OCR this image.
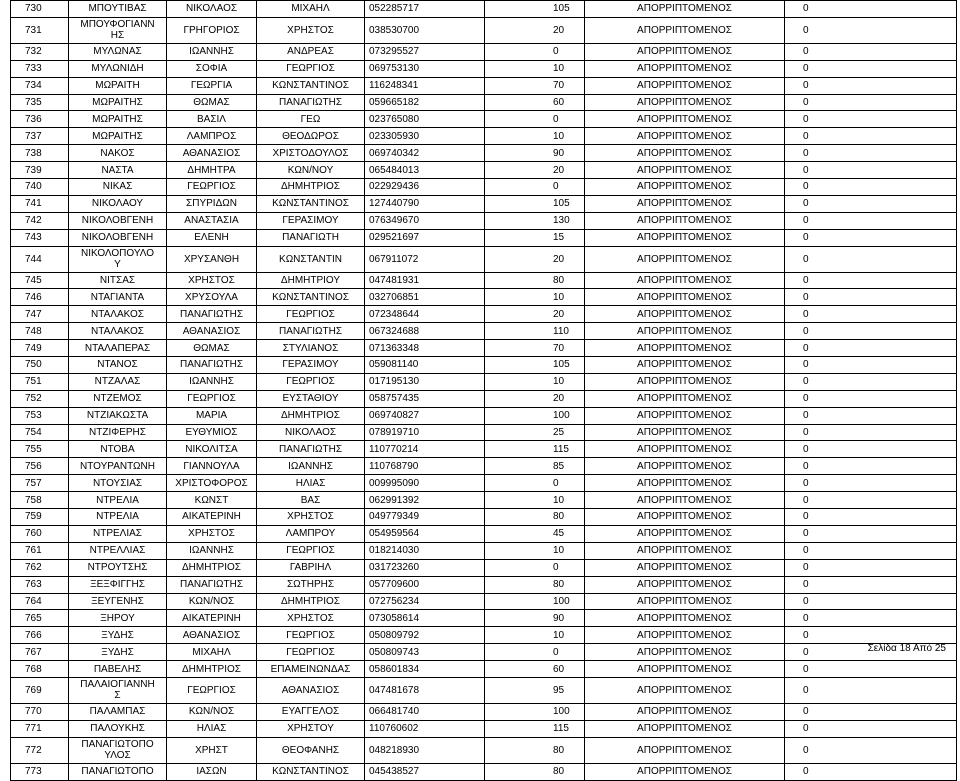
730	ΜΠΟΥΤΙΒΑΣ	ΝΙΚΟΛΑΟΣ	ΜΙΧΑΗΛ	052285717	105	ΑΠΟΡΡΙΠΤΟΜΕΝΟΣ	0
731	ΜΠΟΥΦΟΓΙΑΝΝ
ΗΣ	ΓΡΗΓΟΡΙΟΣ	ΧΡΗΣΤΟΣ	038530700	20	ΑΠΟΡΡΙΠΤΟΜΕΝΟΣ	0
732	ΜΥΛΩΝΑΣ	ΙΩΑΝΝΗΣ	ΑΝΔΡΕΑΣ	073295527	0	ΑΠΟΡΡΙΠΤΟΜΕΝΟΣ	0
733	ΜΥΛΩΝΙΔΗ	ΣΟΦΙΑ	ΓΕΩΡΓΙΟΣ	069753130	10	ΑΠΟΡΡΙΠΤΟΜΕΝΟΣ	0
734	ΜΩΡΑΙΤΗ	ΓΕΩΡΓΙΑ	ΚΩΝΣΤΑΝΤΙΝΟΣ	116248341	70	ΑΠΟΡΡΙΠΤΟΜΕΝΟΣ	0
735	ΜΩΡΑΙΤΗΣ	ΘΩΜΑΣ	ΠΑΝΑΓΙΩΤΗΣ	059665182	60	ΑΠΟΡΡΙΠΤΟΜΕΝΟΣ	0
736	ΜΩΡΑΙΤΗΣ	ΒΑΣΙΛ	ΓΕΩ	023765080	0	ΑΠΟΡΡΙΠΤΟΜΕΝΟΣ	0
737	ΜΩΡΑΙΤΗΣ	ΛΑΜΠΡΟΣ	ΘΕΟΔΩΡΟΣ	023305930	10	ΑΠΟΡΡΙΠΤΟΜΕΝΟΣ	0
738	ΝΑΚΟΣ	ΑΘΑΝΑΣΙΟΣ	ΧΡΙΣΤΟΔΟΥΛΟΣ	069740342	90	ΑΠΟΡΡΙΠΤΟΜΕΝΟΣ	0
739	ΝΑΣΤΑ	ΔΗΜΗΤΡΑ	ΚΩΝ/ΝΟΥ	065484013	20	ΑΠΟΡΡΙΠΤΟΜΕΝΟΣ	0
740	ΝΙΚΑΣ	ΓΕΩΡΓΙΟΣ	ΔΗΜΗΤΡΙΟΣ	022929436	0	ΑΠΟΡΡΙΠΤΟΜΕΝΟΣ	0
741	ΝΙΚΟΛΑΟΥ	ΣΠΥΡΙΔΩΝ	ΚΩΝΣΤΑΝΤΙΝΟΣ	127440790	105	ΑΠΟΡΡΙΠΤΟΜΕΝΟΣ	0
742	ΝΙΚΟΛΟΒΓΕΝΗ	ΑΝΑΣΤΑΣΙΑ	ΓΕΡΑΣΙΜΟΥ	076349670	130	ΑΠΟΡΡΙΠΤΟΜΕΝΟΣ	0
743	ΝΙΚΟΛΟΒΓΕΝΗ	ΕΛΕΝΗ	ΠΑΝΑΓΙΩΤΗ	029521697	15	ΑΠΟΡΡΙΠΤΟΜΕΝΟΣ	0
744	ΝΙΚΟΛΟΠΟΥΛΟ
Υ	ΧΡΥΣΑΝΘΗ	ΚΩΝΣΤΑΝΤΙΝ	067911072	20	ΑΠΟΡΡΙΠΤΟΜΕΝΟΣ	0
745	ΝΙΤΣΑΣ	ΧΡΗΣΤΟΣ	ΔΗΜΗΤΡΙΟΥ	047481931	80	ΑΠΟΡΡΙΠΤΟΜΕΝΟΣ	0
746	ΝΤΑΓΙΑΝΤΑ	ΧΡΥΣΟΥΛΑ	ΚΩΝΣΤΑΝΤΙΝΟΣ	032706851	10	ΑΠΟΡΡΙΠΤΟΜΕΝΟΣ	0
747	ΝΤΑΛΑΚΟΣ	ΠΑΝΑΓΙΩΤΗΣ	ΓΕΩΡΓΙΟΣ	072348644	20	ΑΠΟΡΡΙΠΤΟΜΕΝΟΣ	0
748	ΝΤΑΛΑΚΟΣ	ΑΘΑΝΑΣΙΟΣ	ΠΑΝΑΓΙΩΤΗΣ	067324688	110	ΑΠΟΡΡΙΠΤΟΜΕΝΟΣ	0
749	ΝΤΑΛΑΠΕΡΑΣ	ΘΩΜΑΣ	ΣΤΥΛΙΑΝΟΣ	071363348	70	ΑΠΟΡΡΙΠΤΟΜΕΝΟΣ	0
750	ΝΤΑΝΟΣ	ΠΑΝΑΓΙΩΤΗΣ	ΓΕΡΑΣΙΜΟΥ	059081140	105	ΑΠΟΡΡΙΠΤΟΜΕΝΟΣ	0
751	ΝΤΖΑΛΑΣ	ΙΩΑΝΝΗΣ	ΓΕΩΡΓΙΟΣ	017195130	10	ΑΠΟΡΡΙΠΤΟΜΕΝΟΣ	0
752	ΝΤΖΕΜΟΣ	ΓΕΩΡΓΙΟΣ	ΕΥΣΤΑΘΙΟΥ	058757435	20	ΑΠΟΡΡΙΠΤΟΜΕΝΟΣ	0
753	ΝΤΖΙΑΚΩΣΤΑ	ΜΑΡΙΑ	ΔΗΜΗΤΡΙΟΣ	069740827	100	ΑΠΟΡΡΙΠΤΟΜΕΝΟΣ	0
754	ΝΤΖΙΦΕΡΗΣ	ΕΥΘΥΜΙΟΣ	ΝΙΚΟΛΑΟΣ	078919710	25	ΑΠΟΡΡΙΠΤΟΜΕΝΟΣ	0
755	ΝΤΟΒΑ	ΝΙΚΟΛΙΤΣΑ	ΠΑΝΑΓΙΩΤΗΣ	110770214	115	ΑΠΟΡΡΙΠΤΟΜΕΝΟΣ	0
756	ΝΤΟΥΡΑΝΤΩΝΗ	ΓΙΑΝΝΟΥΛΑ	ΙΩΑΝΝΗΣ	110768790	85	ΑΠΟΡΡΙΠΤΟΜΕΝΟΣ	0
757	ΝΤΟΥΣΙΑΣ	ΧΡΙΣΤΟΦΟΡΟΣ	ΗΛΙΑΣ	009995090	0	ΑΠΟΡΡΙΠΤΟΜΕΝΟΣ	0
758	ΝΤΡΕΛΙΑ	ΚΩΝΣΤ	ΒΑΣ	062991392	10	ΑΠΟΡΡΙΠΤΟΜΕΝΟΣ	0
759	ΝΤΡΕΛΙΑ	ΑΙΚΑΤΕΡΙΝΗ	ΧΡΗΣΤΟΣ	049779349	80	ΑΠΟΡΡΙΠΤΟΜΕΝΟΣ	0
760	ΝΤΡΕΛΙΑΣ	ΧΡΗΣΤΟΣ	ΛΑΜΠΡΟΥ	054959564	45	ΑΠΟΡΡΙΠΤΟΜΕΝΟΣ	0
761	ΝΤΡΕΛΛΙΑΣ	ΙΩΑΝΝΗΣ	ΓΕΩΡΓΙΟΣ	018214030	10	ΑΠΟΡΡΙΠΤΟΜΕΝΟΣ	0
762	ΝΤΡΟΥΤΣΗΣ	ΔΗΜΗΤΡΙΟΣ	ΓΑΒΡΙΗΛ	031723260	0	ΑΠΟΡΡΙΠΤΟΜΕΝΟΣ	0
763	ΞΕΞΦΙΓΓΗΣ	ΠΑΝΑΓΙΩΤΗΣ	ΣΩΤΗΡΗΣ	057709600	80	ΑΠΟΡΡΙΠΤΟΜΕΝΟΣ	0
764	ΞΕΥΓΕΝΗΣ	ΚΩΝ/ΝΟΣ	ΔΗΜΗΤΡΙΟΣ	072756234	100	ΑΠΟΡΡΙΠΤΟΜΕΝΟΣ	0
765	ΞΗΡΟΥ	ΑΙΚΑΤΕΡΙΝΗ	ΧΡΗΣΤΟΣ	073058614	90	ΑΠΟΡΡΙΠΤΟΜΕΝΟΣ	0
766	ΞΥΔΗΣ	ΑΘΑΝΑΣΙΟΣ	ΓΕΩΡΓΙΟΣ	050809792	10	ΑΠΟΡΡΙΠΤΟΜΕΝΟΣ	0
767	ΞΥΔΗΣ	ΜΙΧΑΗΛ	ΓΕΩΡΓΙΟΣ	050809743	0	ΑΠΟΡΡΙΠΤΟΜΕΝΟΣ	0
768	ΠΑΒΕΛΗΣ	ΔΗΜΗΤΡΙΟΣ	ΕΠΑΜΕΙΝΩΝΔΑΣ	058601834	60	ΑΠΟΡΡΙΠΤΟΜΕΝΟΣ	0
769	ΠΑΛΑΙΟΓΙΑΝΝΗ
Σ	ΓΕΩΡΓΙΟΣ	ΑΘΑΝΑΣΙΟΣ	047481678	95	ΑΠΟΡΡΙΠΤΟΜΕΝΟΣ	0
770	ΠΑΛΑΜΠΑΣ	ΚΩΝ/ΝΟΣ	ΕΥΑΓΓΕΛΟΣ	066481740	100	ΑΠΟΡΡΙΠΤΟΜΕΝΟΣ	0
771	ΠΑΛΟΥΚΗΣ	ΗΛΙΑΣ	ΧΡΗΣΤΟΥ	110760602	115	ΑΠΟΡΡΙΠΤΟΜΕΝΟΣ	0
772	ΠΑΝΑΓΙΩΤΟΠΟ
ΥΛΟΣ	ΧΡΗΣΤ	ΘΕΟΦΑΝΗΣ	048218930	80	ΑΠΟΡΡΙΠΤΟΜΕΝΟΣ	0
773	ΠΑΝΑΓΙΩΤΟΠΟ	ΙΑΣΩΝ	ΚΩΝΣΤΑΝΤΙΝΟΣ	045438527	80	ΑΠΟΡΡΙΠΤΟΜΕΝΟΣ	0
Σελίδα 18 Από 25
